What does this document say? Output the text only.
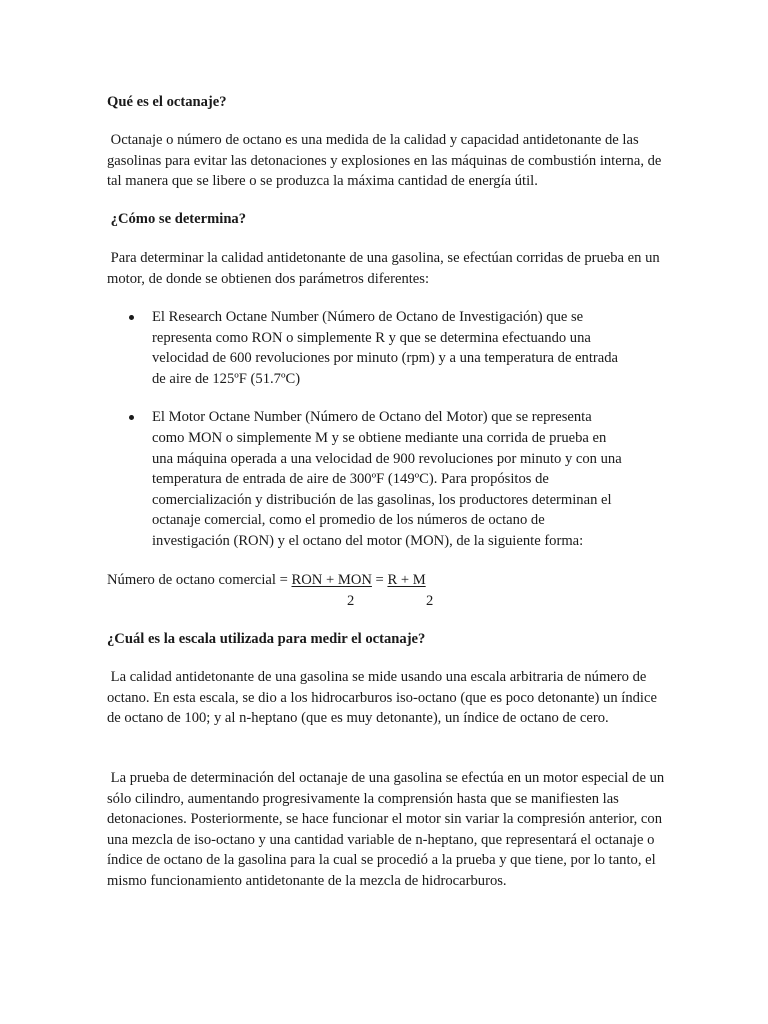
Qué es el octanaje?

Octanaje o número de octano es una medida de la calidad y capacidad antidetonante de las gasolinas para evitar las detonaciones y explosiones en las máquinas de combustión interna, de tal manera que se libere o se produzca la máxima cantidad de energía útil.

¿Cómo se determina?

Para determinar la calidad antidetonante de una gasolina, se efectúan corridas de prueba en un motor, de donde se obtienen dos parámetros diferentes:

El Research Octane Number (Número de Octano de Investigación) que se representa como RON o simplemente R y que se determina efectuando una velocidad de 600 revoluciones por minuto (rpm) y a una temperatura de entrada de aire de 125ºF (51.7ºC)
El Motor Octane Number (Número de Octano del Motor) que se representa como MON o simplemente M y se obtiene mediante una corrida de prueba en una máquina operada a una velocidad de 900 revoluciones por minuto y con una temperatura de entrada de aire de 300ºF (149ºC). Para propósitos de comercialización y distribución de las gasolinas, los productores determinan el octanaje comercial, como el promedio de los números de octano de investigación (RON) y el octano del motor (MON), de la siguiente forma:
Número de octano comercial = RON + MON = R + M
2	2

¿Cuál es la escala utilizada para medir el octanaje?

La calidad antidetonante de una gasolina se mide usando una escala arbitraria de número de octano. En esta escala, se dio a los hidrocarburos iso-octano (que es poco detonante) un índice de octano de 100; y al n-heptano (que es muy detonante), un índice de octano de cero.

La prueba de determinación del octanaje de una gasolina se efectúa en un motor especial de un sólo cilindro, aumentando progresivamente la comprensión hasta que se manifiesten las detonaciones. Posteriormente, se hace funcionar el motor sin variar la compresión anterior, con una mezcla de iso-octano y una cantidad variable de n-heptano, que representará el octanaje o índice de octano de la gasolina para la cual se procedió a la prueba y que tiene, por lo tanto, el mismo funcionamiento antidetonante de la mezcla de hidrocarburos.
